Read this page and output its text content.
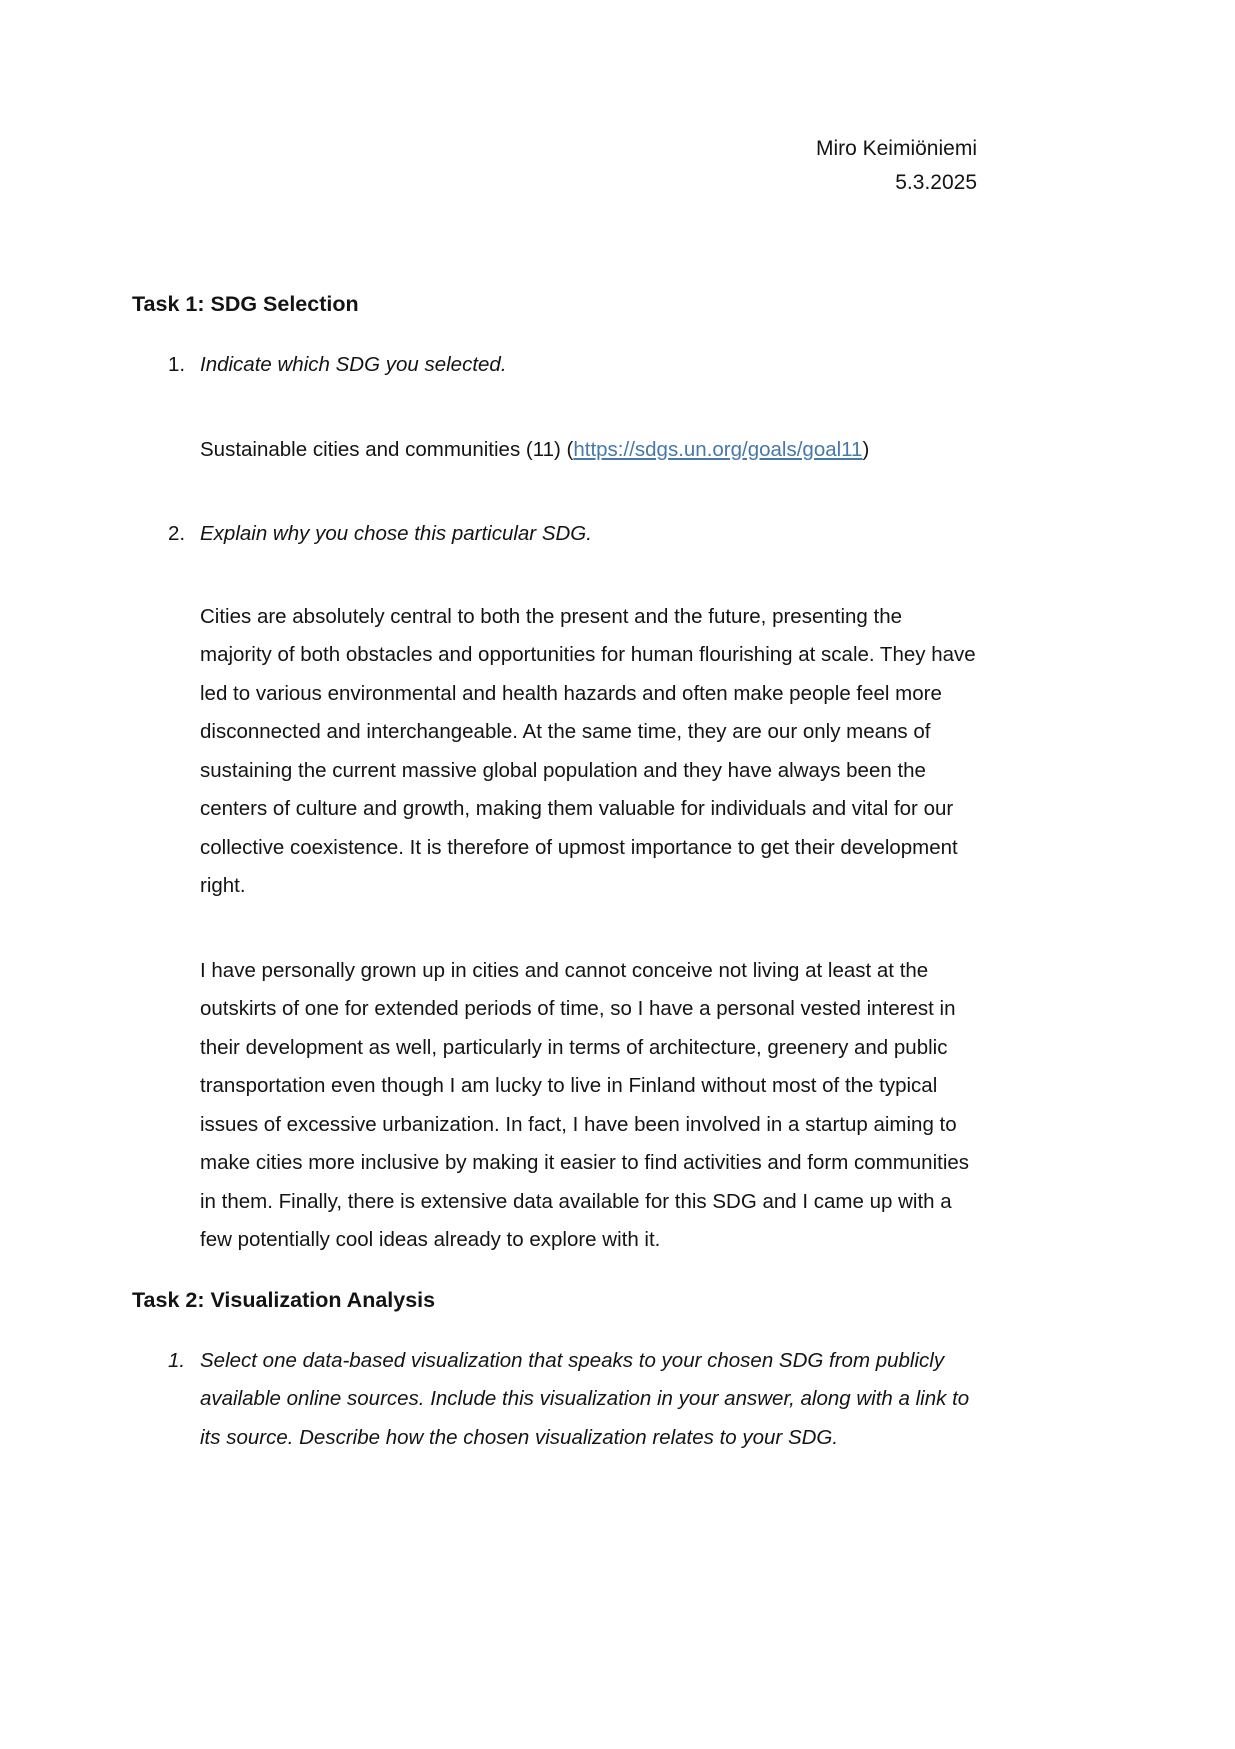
Miro Keimiöniemi
5.3.2025
Task 1: SDG Selection
1. Indicate which SDG you selected.

Sustainable cities and communities (11) (https://sdgs.un.org/goals/goal11)

2. Explain why you chose this particular SDG.

Cities are absolutely central to both the present and the future, presenting the majority of both obstacles and opportunities for human flourishing at scale. They have led to various environmental and health hazards and often make people feel more disconnected and interchangeable. At the same time, they are our only means of sustaining the current massive global population and they have always been the centers of culture and growth, making them valuable for individuals and vital for our collective coexistence. It is therefore of upmost importance to get their development right.

I have personally grown up in cities and cannot conceive not living at least at the outskirts of one for extended periods of time, so I have a personal vested interest in their development as well, particularly in terms of architecture, greenery and public transportation even though I am lucky to live in Finland without most of the typical issues of excessive urbanization. In fact, I have been involved in a startup aiming to make cities more inclusive by making it easier to find activities and form communities in them. Finally, there is extensive data available for this SDG and I came up with a few potentially cool ideas already to explore with it.

Task 2: Visualization Analysis
1. Select one data-based visualization that speaks to your chosen SDG from publicly available online sources. Include this visualization in your answer, along with a link to its source. Describe how the chosen visualization relates to your SDG.
